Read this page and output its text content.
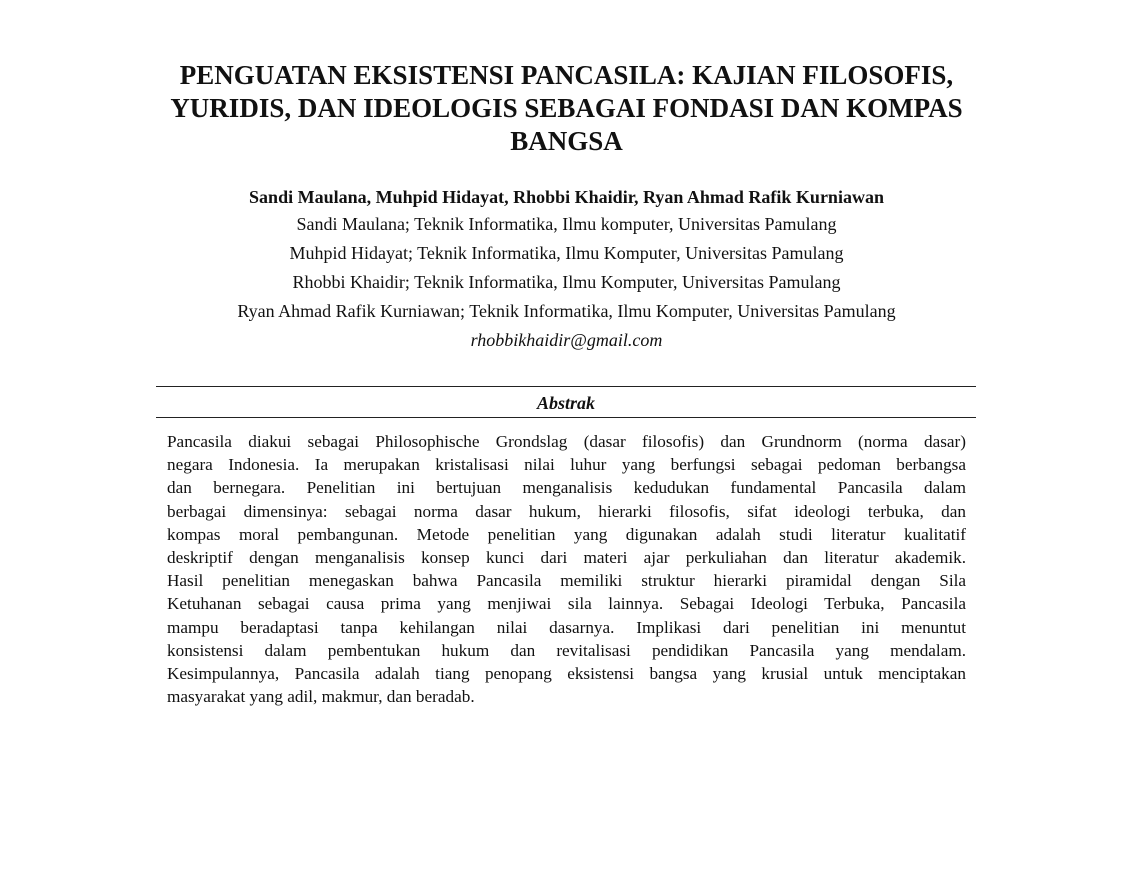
PENGUATAN EKSISTENSI PANCASILA: KAJIAN FILOSOFIS,
YURIDIS, DAN IDEOLOGIS SEBAGAI FONDASI DAN KOMPAS
BANGSA
Sandi Maulana, Muhpid Hidayat, Rhobbi Khaidir, Ryan Ahmad Rafik Kurniawan
Sandi Maulana; Teknik Informatika, Ilmu komputer, Universitas Pamulang
Muhpid Hidayat; Teknik Informatika, Ilmu Komputer, Universitas Pamulang
Rhobbi Khaidir; Teknik Informatika, Ilmu Komputer, Universitas Pamulang
Ryan Ahmad Rafik Kurniawan; Teknik Informatika, Ilmu Komputer, Universitas Pamulang
rhobbikhaidir@gmail.com
Abstrak
Pancasila diakui sebagai Philosophische Grondslag (dasar filosofis) dan Grundnorm (norma dasar)
negara Indonesia. Ia merupakan kristalisasi nilai luhur yang berfungsi sebagai pedoman berbangsa
dan bernegara. Penelitian ini bertujuan menganalisis kedudukan fundamental Pancasila dalam
berbagai dimensinya: sebagai norma dasar hukum, hierarki filosofis, sifat ideologi terbuka, dan
kompas moral pembangunan. Metode penelitian yang digunakan adalah studi literatur kualitatif
deskriptif dengan menganalisis konsep kunci dari materi ajar perkuliahan dan literatur akademik.
Hasil penelitian menegaskan bahwa Pancasila memiliki struktur hierarki piramidal dengan Sila
Ketuhanan sebagai causa prima yang menjiwai sila lainnya. Sebagai Ideologi Terbuka, Pancasila
mampu beradaptasi tanpa kehilangan nilai dasarnya. Implikasi dari penelitian ini menuntut
konsistensi dalam pembentukan hukum dan revitalisasi pendidikan Pancasila yang mendalam.
Kesimpulannya, Pancasila adalah tiang penopang eksistensi bangsa yang krusial untuk menciptakan
masyarakat yang adil, makmur, dan beradab.
